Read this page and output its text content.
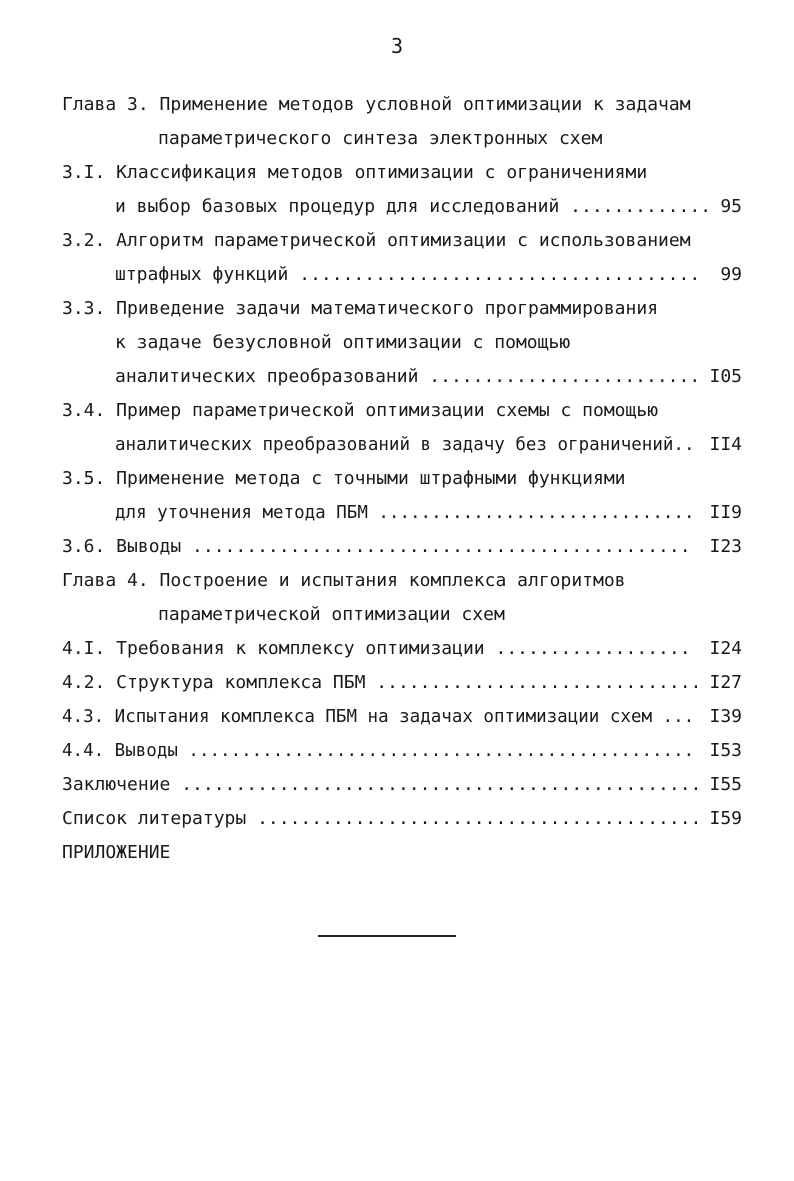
3
Глава 3. Применение методов условной оптимизации к задачам
параметрического синтеза электронных схем
3.I. Классификация методов оптимизации с ограничениями
и выбор базовых процедур для исследований ............. 95
3.2. Алгоритм параметрической оптимизации с использованием
штрафных функций ..................................... 99
3.3. Приведение задачи математического программирования
к задаче безусловной оптимизации с помощью
аналитических преобразований ......................... I05
3.4. Пример параметрической оптимизации схемы с помощью
аналитических преобразований в задачу без ограничений.. II4
3.5. Применение метода с точными штрафными функциями
для уточнения метода ПБМ .............................. II9
3.6. Выводы .............................................. I23
Глава 4. Построение и испытания комплекса алгоритмов
параметрической оптимизации схем
4.I. Требования к комплексу оптимизации .................. I24
4.2. Структура комплекса ПБМ .............................. I27
4.3. Испытания комплекса ПБМ на задачах оптимизации схем ... I39
4.4. Выводы ................................................ I53
Заключение ................................................ I55
Список литературы ......................................... I59
ПРИЛОЖЕНИЕ
